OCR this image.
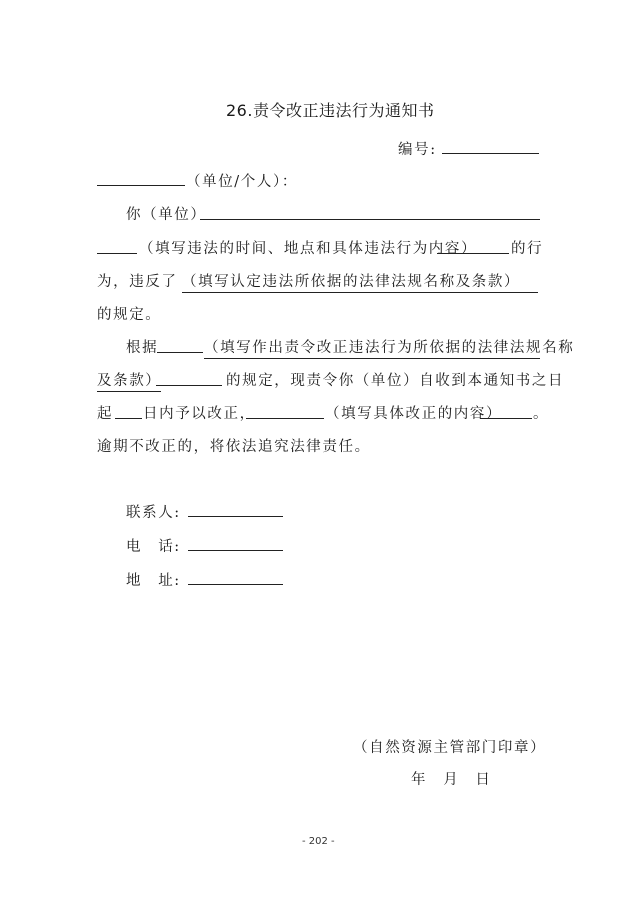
26.责令改正违法行为通知书
编号:
（单位/个人）：
你（单位）
（填写违法的时间、地点和具体违法行为内容） 的行
为，违反了 （填写认定违法所依据的法律法规名称及条款）
的规定。
根据	（填写作出责令改正违法行为所依据的法律法规名称
及条款）	的规定，现责令你（单位）自收到本通知书之日
起 日内予以改正，	（填写具体改正的内容） 。
逾期不改正的，将依法追究法律责任。
联系人:
电　话:
地　址:
（自然资源主管部门印章）
年　月　日
- 202 -
